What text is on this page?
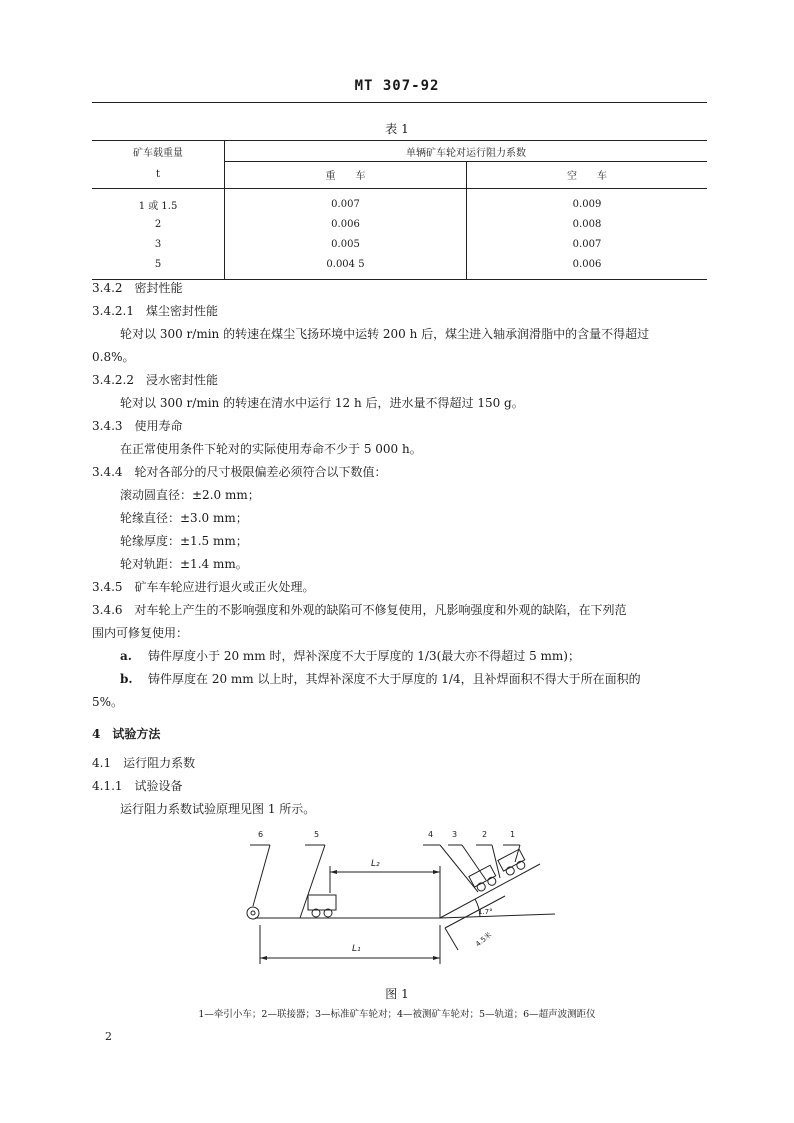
MT 307-92
表 1
矿车载重量	单辆矿车轮对运行阻力系数	
t	重　　车	空　　车
1 或 1.5	0.007	0.009
2	0.006	0.008
3	0.005	0.007
5	0.004 5	0.006
3.4.2　密封性能
3.4.2.1　煤尘密封性能
轮对以 300 r/min 的转速在煤尘飞扬环境中运转 200 h 后，煤尘进入轴承润滑脂中的含量不得超过
0.8%。
3.4.2.2　浸水密封性能
轮对以 300 r/min 的转速在清水中运行 12 h 后，进水量不得超过 150 g。
3.4.3　使用寿命
在正常使用条件下轮对的实际使用寿命不少于 5 000 h。
3.4.4　轮对各部分的尺寸极限偏差必须符合以下数值：
滚动圆直径：±2.0 mm；
轮缘直径：±3.0 mm；
轮缘厚度：±1.5 mm；
轮对轨距：±1.4 mm。
3.4.5　矿车车轮应进行退火或正火处理。
3.4.6　对车轮上产生的不影响强度和外观的缺陷可不修复使用，凡影响强度和外观的缺陷，在下列范
围内可修复使用：
a. 铸件厚度小于 20 mm 时，焊补深度不大于厚度的 1/3(最大亦不得超过 5 mm)；
b. 铸件厚度在 20 mm 以上时，其焊补深度不大于厚度的 1/4，且补焊面积不得大于所在面积的
5%。
4　试验方法
4.1　运行阻力系数
4.1.1　试验设备
运行阻力系数试验原理见图 1 所示。
6	5	4 3	2	1
L₂
L₁
1.7°
4.5米
图 1
1—牵引小车；2—联接器；3—标准矿车轮对；4—被测矿车轮对；5—轨道；6—超声波测距仪
2
